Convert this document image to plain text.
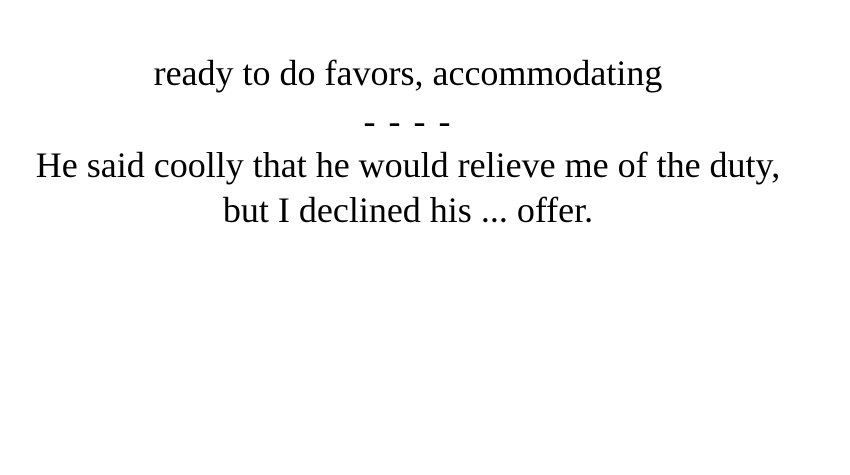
ready to do favors, accommodating
- - - -
He said coolly that he would relieve me of the duty, but I declined his ... offer.
